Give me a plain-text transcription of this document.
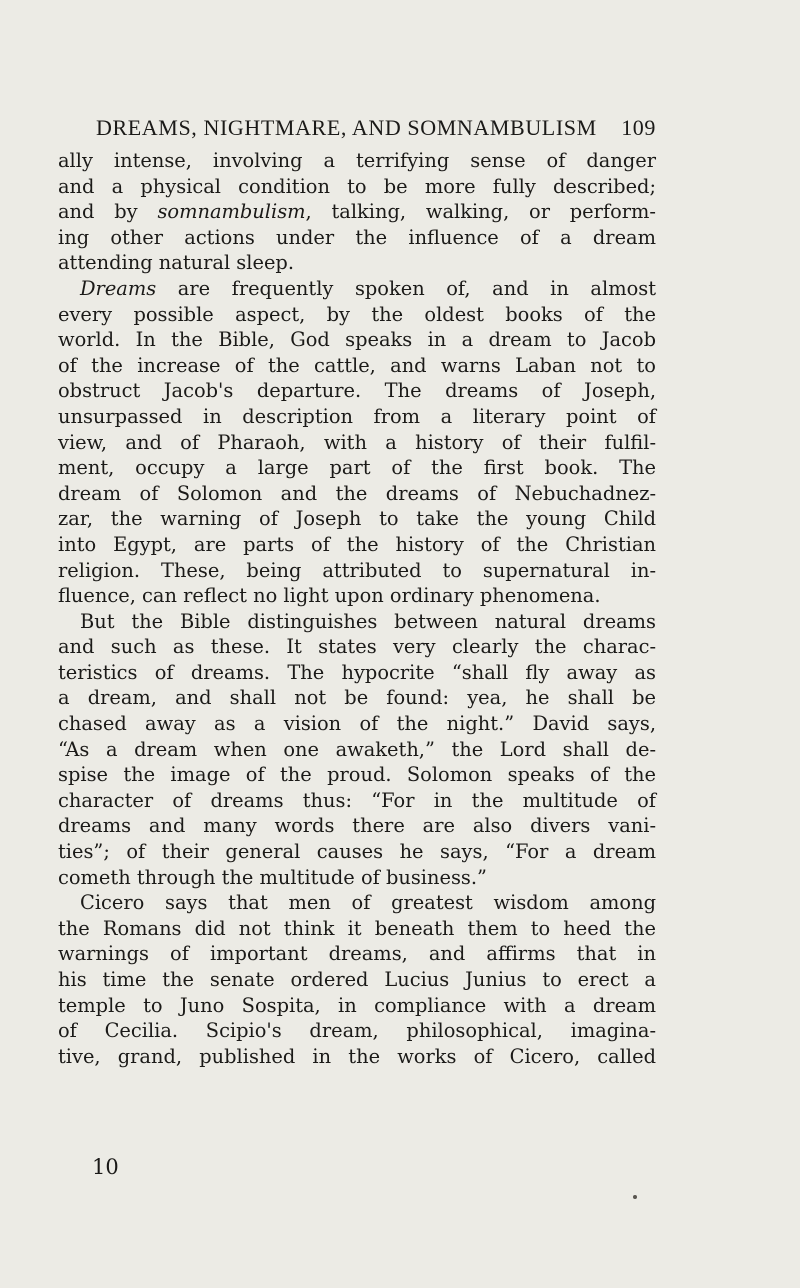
DREAMS, NIGHTMARE, AND SOMNAMBULISM 109
ally intense, involving a terrifying sense of danger
and a physical condition to be more fully described;
and by somnambulism, talking, walking, or perform-
ing other actions under the influence of a dream
attending natural sleep.
Dreams are frequently spoken of, and in almost
every possible aspect, by the oldest books of the
world. In the Bible, God speaks in a dream to Jacob
of the increase of the cattle, and warns Laban not to
obstruct Jacob's departure. The dreams of Joseph,
unsurpassed in description from a literary point of
view, and of Pharaoh, with a history of their fulfil-
ment, occupy a large part of the first book. The
dream of Solomon and the dreams of Nebuchadnez-
zar, the warning of Joseph to take the young Child
into Egypt, are parts of the history of the Christian
religion. These, being attributed to supernatural in-
fluence, can reflect no light upon ordinary phenomena.
But the Bible distinguishes between natural dreams
and such as these. It states very clearly the charac-
teristics of dreams. The hypocrite “shall fly away as
a dream, and shall not be found: yea, he shall be
chased away as a vision of the night.” David says,
“As a dream when one awaketh,” the Lord shall de-
spise the image of the proud. Solomon speaks of the
character of dreams thus: “For in the multitude of
dreams and many words there are also divers vani-
ties”; of their general causes he says, “For a dream
cometh through the multitude of business.”
Cicero says that men of greatest wisdom among
the Romans did not think it beneath them to heed the
warnings of important dreams, and affirms that in
his time the senate ordered Lucius Junius to erect a
temple to Juno Sospita, in compliance with a dream
of Cecilia. Scipio's dream, philosophical, imagina-
tive, grand, published in the works of Cicero, called
10
